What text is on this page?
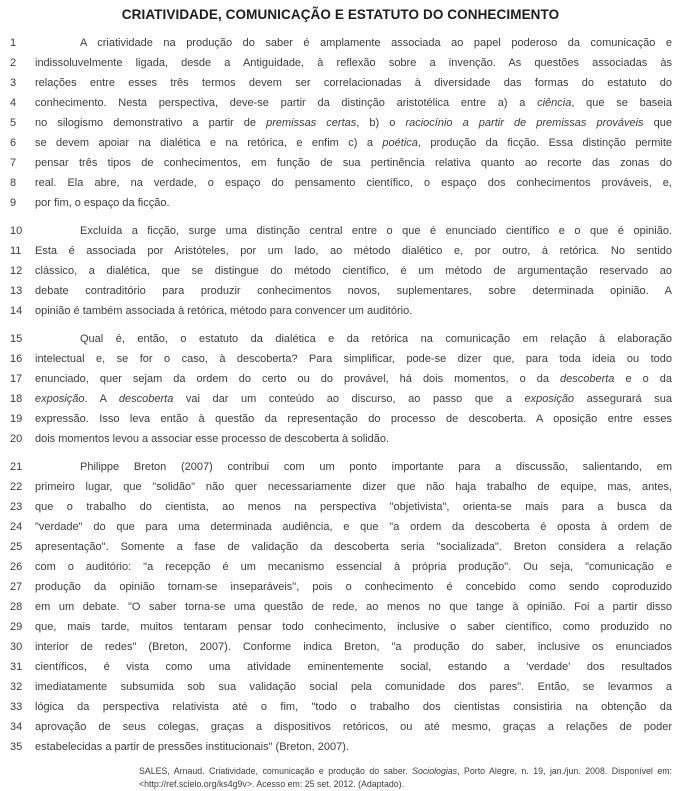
CRIATIVIDADE, COMUNICAÇÃO E ESTATUTO DO CONHECIMENTO
1	A criatividade na produção do saber é amplamente associada ao papel poderoso da comunicação e
2	indissoluvelmente ligada, desde a Antiguidade, à reflexão sobre a invenção. As questões associadas às
3	relações entre esses três termos devem ser correlacionadas à diversidade das formas do estatuto do
4	conhecimento. Nesta perspectiva, deve-se partir da distinção aristotélica entre a) a ciência, que se baseia
5	no silogismo demonstrativo a partir de premissas certas, b) o raciocínio a partir de premissas prováveis que
6	se devem apoiar na dialética e na retórica, e enfim c) a poética, produção da ficção. Essa distinção permite
7	pensar três tipos de conhecimentos, em função de sua pertinência relativa quanto ao recorte das zonas do
8	real. Ela abre, na verdade, o espaço do pensamento científico, o espaço dos conhecimentos prováveis, e,
9	por fim, o espaço da ficção.
10	Excluída a ficção, surge uma distinção central entre o que é enunciado científico e o que é opinião.
11	Esta é associada por Aristóteles, por um lado, ao método dialético e, por outro, à retórica. No sentido
12	clássico, a dialética, que se distingue do método científico, é um método de argumentação reservado ao
13	debate contraditório para produzir conhecimentos novos, suplementares, sobre determinada opinião. A
14	opinião é também associada à retórica, método para convencer um auditório.
15	Qual é, então, o estatuto da dialética e da retórica na comunicação em relação à elaboração
16	intelectual e, se for o caso, à descoberta? Para simplificar, pode-se dizer que, para toda ideia ou todo
17	enunciado, quer sejam da ordem do certo ou do provável, há dois momentos, o da descoberta e o da
18	exposição. A descoberta vai dar um conteúdo ao discurso, ao passo que a exposição assegurará sua
19	expressão. Isso leva então à questão da representação do processo de descoberta. A oposição entre esses
20	dois momentos levou a associar esse processo de descoberta à solidão.
21	Philippe Breton (2007) contribui com um ponto importante para a discussão, salientando, em
22	primeiro lugar, que "solidão" não quer necessariamente dizer que não haja trabalho de equipe, mas, antes,
23	que o trabalho do cientista, ao menos na perspectiva "objetivista", orienta-se mais para a busca da
24	"verdade" do que para uma determinada audiência, e que "a ordem da descoberta é oposta à ordem de
25	apresentação". Somente a fase de validação da descoberta seria "socializada". Breton considera a relação
26	com o auditório: "a recepção é um mecanismo essencial à própria produção". Ou seja, "comunicação e
27	produção da opinião tornam-se inseparáveis", pois o conhecimento é concebido como sendo coproduzido
28	em um debate. "O saber torna-se uma questão de rede, ao menos no que tange à opinião. Foi a partir disso
29	que, mais tarde, muitos tentaram pensar todo conhecimento, inclusive o saber científico, como produzido no
30	interior de redes" (Breton, 2007). Conforme indica Breton, "a produção do saber, inclusive os enunciados
31	científicos, é vista como uma atividade eminentemente social, estando a 'verdade' dos resultados
32	imediatamente subsumida sob sua validação social pela comunidade dos pares". Então, se levarmos a
33	lógica da perspectiva relativista até o fim, "todo o trabalho dos cientistas consistiria na obtenção da
34	aprovação de seus colegas, graças a dispositivos retóricos, ou até mesmo, graças a relações de poder
35	estabelecidas a partir de pressões institucionais" (Breton, 2007).
SALES, Arnaud. Criatividade, comunicação e produção do saber. Sociologias, Porto Alegre, n. 19, jan./jun. 2008. Disponível em: <http://ref.scielo.org/ks4g9v>. Acesso em: 25 set. 2012. (Adaptado).
